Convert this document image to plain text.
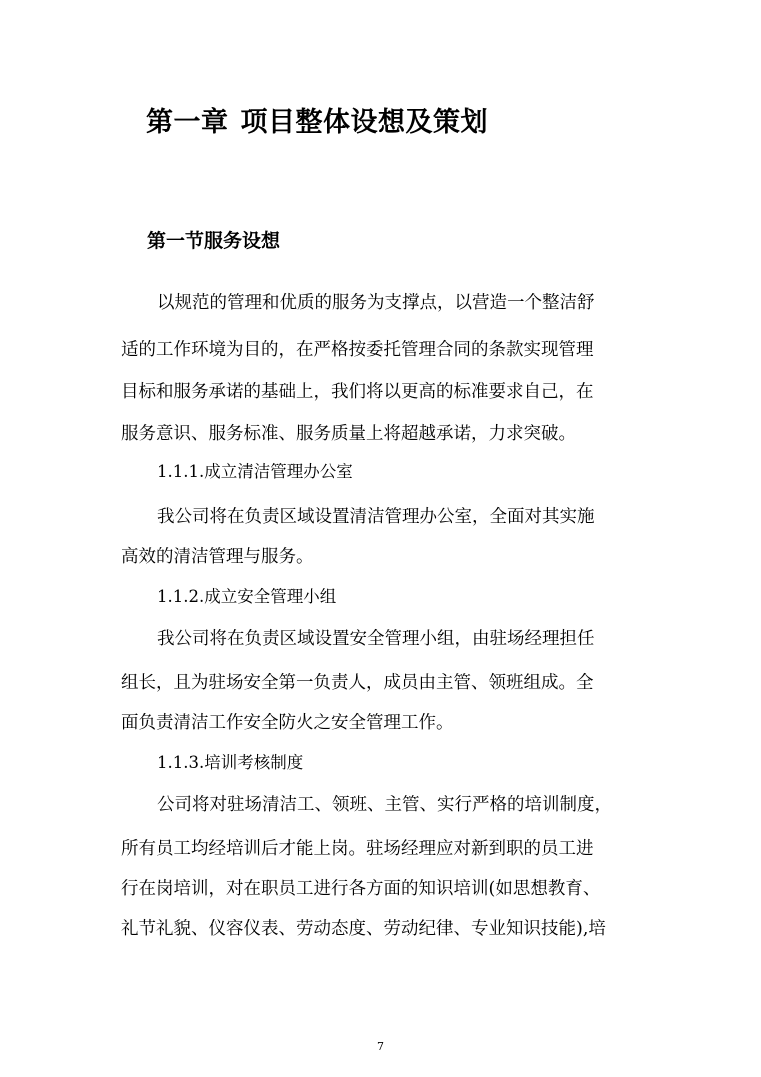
第一章 项目整体设想及策划
第一节服务设想

以规范的管理和优质的服务为支撑点，以营造一个整洁舒

适的工作环境为目的，在严格按委托管理合同的条款实现管理

目标和服务承诺的基础上，我们将以更高的标准要求自己，在

服务意识、服务标准、服务质量上将超越承诺，力求突破。

1.1.1.成立清洁管理办公室

我公司将在负责区域设置清洁管理办公室，全面对其实施

高效的清洁管理与服务。

1.1.2.成立安全管理小组

我公司将在负责区域设置安全管理小组，由驻场经理担任

组长，且为驻场安全第一负责人，成员由主管、领班组成。全

面负责清洁工作安全防火之安全管理工作。

1.1.3.培训考核制度

公司将对驻场清洁工、领班、主管、实行严格的培训制度，

所有员工均经培训后才能上岗。驻场经理应对新到职的员工进

行在岗培训，对在职员工进行各方面的知识培训(如思想教育、

礼节礼貌、仪容仪表、劳动态度、劳动纪律、专业知识技能),培

7
